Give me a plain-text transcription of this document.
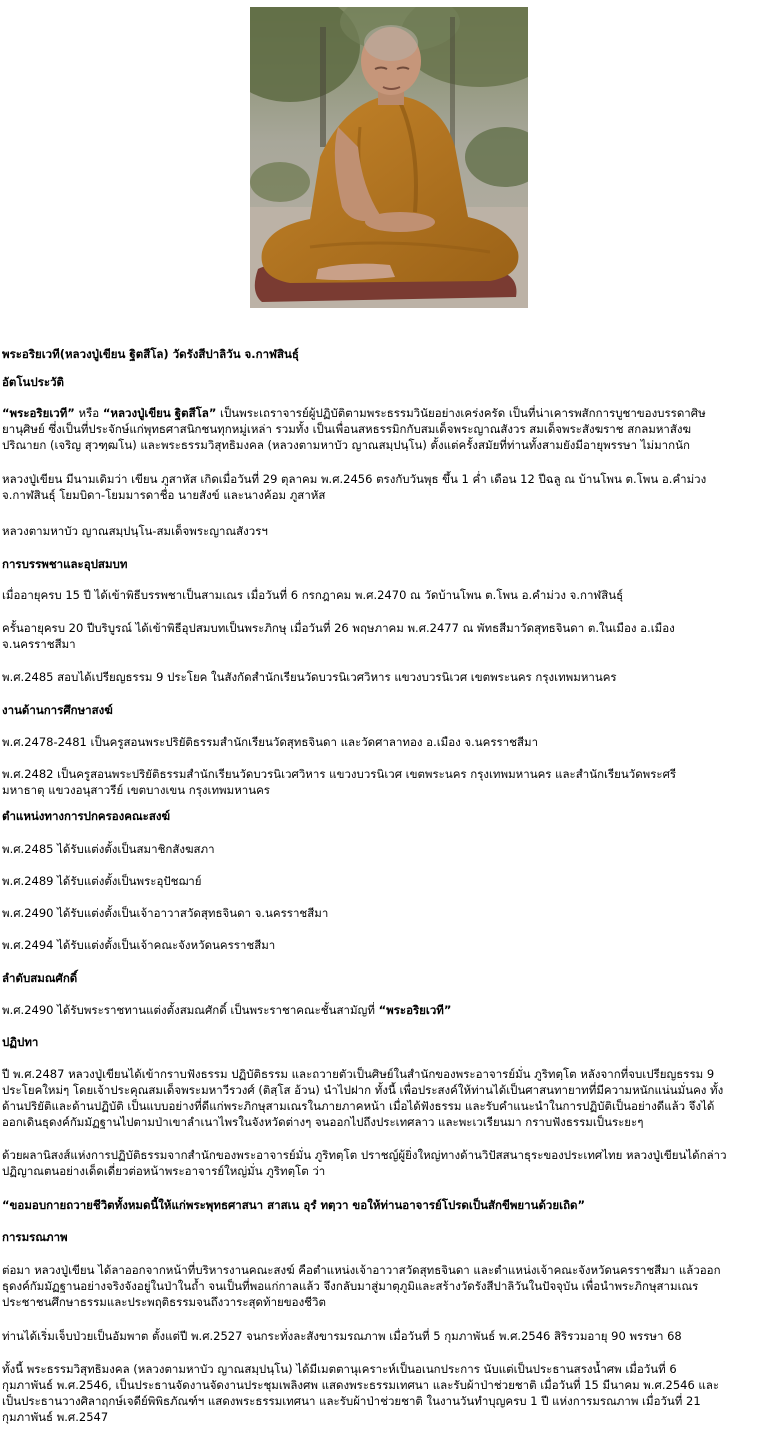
พระอริยเวที(หลวงปู่เขียน ฐิตสีโล) วัดรังสีปาลิวัน จ.กาฬสินธุ์
อัตโนประวัติ
“พระอริยเวที” หรือ “หลวงปู่เขียน ฐิตสีโล” เป็นพระเถราจารย์ผู้ปฏิบัติตามพระธรรมวินัยอย่างเคร่งครัด เป็นที่น่าเคารพสักการบูชาของบรรดาศิษ
ยานุศิษย์ ซึ่งเป็นที่ประจักษ์แก่พุทธศาสนิกชนทุกหมู่เหล่า รวมทั้ง เป็นเพื่อนสหธรรมิกกับสมเด็จพระญาณสังวร สมเด็จพระสังฆราช สกลมหาสังฆ
ปริณายก (เจริญ สุวฑฺฒโน) และพระธรรมวิสุทธิมงคล (หลวงตามหาบัว ญาณสมฺปนฺโน) ตั้งแต่ครั้งสมัยที่ท่านทั้งสามยังมีอายุพรรษา ไม่มากนัก
หลวงปู่เขียน มีนามเดิมว่า เขียน ภูสาหัส เกิดเมื่อวันที่ 29 ตุลาคม พ.ศ.2456 ตรงกับวันพุธ ขึ้น 1 ค่ำ เดือน 12 ปีฉลู ณ บ้านโพน ต.โพน อ.คำม่วง
จ.กาฬสินธุ์ โยมบิดา-โยมมารดาชื่อ นายสังข์ และนางค้อม ภูสาหัส
หลวงตามหาบัว ญาณสมฺปนฺโน-สมเด็จพระญาณสังวรฯ
การบรรพชาและอุปสมบท
เมื่ออายุครบ 15 ปี ได้เข้าพิธีบรรพชาเป็นสามเณร เมื่อวันที่ 6 กรกฎาคม พ.ศ.2470 ณ วัดบ้านโพน ต.โพน อ.คำม่วง จ.กาฬสินธุ์
ครั้นอายุครบ 20 ปีบริบูรณ์ ได้เข้าพิธีอุปสมบทเป็นพระภิกษุ เมื่อวันที่ 26 พฤษภาคม พ.ศ.2477 ณ พัทธสีมาวัดสุทธจินดา ต.ในเมือง อ.เมือง
จ.นครราชสีมา
พ.ศ.2485 สอบได้เปรียญธรรม 9 ประโยค ในสังกัดสำนักเรียนวัดบวรนิเวศวิหาร แขวงบวรนิเวศ เขตพระนคร กรุงเทพมหานคร
งานด้านการศึกษาสงฆ์
พ.ศ.2478-2481 เป็นครูสอนพระปริยัติธรรมสำนักเรียนวัดสุทธจินดา และวัดศาลาทอง อ.เมือง จ.นครราชสีมา
พ.ศ.2482 เป็นครูสอนพระปริยัติธรรมสำนักเรียนวัดบวรนิเวศวิหาร แขวงบวรนิเวศ เขตพระนคร กรุงเทพมหานคร และสำนักเรียนวัดพระศรี
มหาธาตุ แขวงอนุสาวรีย์ เขตบางเขน กรุงเทพมหานคร
ตำแหน่งทางการปกครองคณะสงฆ์
พ.ศ.2485 ได้รับแต่งตั้งเป็นสมาชิกสังฆสภา
พ.ศ.2489 ได้รับแต่งตั้งเป็นพระอุปัชฌาย์
พ.ศ.2490 ได้รับแต่งตั้งเป็นเจ้าอาวาสวัดสุทธจินดา จ.นครราชสีมา
พ.ศ.2494 ได้รับแต่งตั้งเป็นเจ้าคณะจังหวัดนครราชสีมา
ลำดับสมณศักดิ์
พ.ศ.2490 ได้รับพระราชทานแต่งตั้งสมณศักดิ์ เป็นพระราชาคณะชั้นสามัญที่ “พระอริยเวที”
ปฏิปทา
ปี พ.ศ.2487 หลวงปู่เขียนได้เข้ากราบฟังธรรม ปฏิบัติธรรม และถวายตัวเป็นศิษย์ในสำนักของพระอาจารย์มั่น ภูริทตฺโต หลังจากที่จบเปรียญธรรม 9
ประโยคใหม่ๆ โดยเจ้าประคุณสมเด็จพระมหาวีรวงศ์ (ติสฺโส อ้วน) นำไปฝาก ทั้งนี้ เพื่อประสงค์ให้ท่านได้เป็นศาสนทายาทที่มีความหนักแน่นมั่นคง ทั้ง
ด้านปริยัติและด้านปฏิบัติ เป็นแบบอย่างที่ดีแก่พระภิกษุสามเณรในภายภาคหน้า เมื่อได้ฟังธรรม และรับคำแนะนำในการปฏิบัติเป็นอย่างดีแล้ว จึงได้
ออกเดินธุดงค์กัมมัฏฐานไปตามป่าเขาลำเนาไพรในจังหวัดต่างๆ จนออกไปถึงประเทศลาว และพะเวเรียนมา กราบฟังธรรมเป็นระยะๆ
ด้วยผลานิสงส์แห่งการปฏิบัติธรรมจากสำนักของพระอาจารย์มั่น ภูริทตฺโต ปราชญ์ผู้ยิ่งใหญ่ทางด้านวิปัสสนาธุระของประเทศไทย หลวงปู่เขียนได้กล่าว
ปฏิญาณตนอย่างเด็ดเดี่ยวต่อหน้าพระอาจารย์ใหญ่มั่น ภูริทตฺโต ว่า
“ขอมอบกายถวายชีวิตทั้งหมดนี้ให้แก่พระพุทธศาสนา สาสเน อุรํ ทตฺวา ขอให้ท่านอาจารย์โปรดเป็นสักขีพยานด้วยเถิด”
การมรณภาพ
ต่อมา หลวงปู่เขียน ได้ลาออกจากหน้าที่บริหารงานคณะสงฆ์ คือตำแหน่งเจ้าอาวาสวัดสุทธจินดา และตำแหน่งเจ้าคณะจังหวัดนครราชสีมา แล้วออก
ธุดงค์กัมมัฏฐานอย่างจริงจังอยู่ในป่าในถ้ำ จนเป็นที่พอแก่กาลแล้ว จึงกลับมาสู่มาตุภูมิและสร้างวัดรังสีปาลิวันในปัจจุบัน เพื่อนำพระภิกษุสามเณร
ประชาชนศึกษาธรรมและประพฤติธรรมจนถึงวาระสุดท้ายของชีวิต
ท่านได้เริ่มเจ็บป่วยเป็นอัมพาต ตั้งแต่ปี พ.ศ.2527 จนกระทั่งละสังขารมรณภาพ เมื่อวันที่ 5 กุมภาพันธ์ พ.ศ.2546 สิริรวมอายุ 90 พรรษา 68
ทั้งนี้ พระธรรมวิสุทธิมงคล (หลวงตามหาบัว ญาณสมฺปนฺโน) ได้มีเมตตานุเคราะห์เป็นอเนกประการ นับแต่เป็นประธานสรงน้ำศพ เมื่อวันที่ 6
กุมภาพันธ์ พ.ศ.2546, เป็นประธานจัดงานจัดงานประชุมเพลิงศพ แสดงพระธรรมเทศนา และรับผ้าป่าช่วยชาติ เมื่อวันที่ 15 มีนาคม พ.ศ.2546 และ
เป็นประธานวางศิลาฤกษ์เจดีย์พิพิธภัณฑ์ฯ แสดงพระธรรมเทศนา และรับผ้าป่าช่วยชาติ ในงานวันทำบุญครบ 1 ปี แห่งการมรณภาพ เมื่อวันที่ 21
กุมภาพันธ์ พ.ศ.2547
